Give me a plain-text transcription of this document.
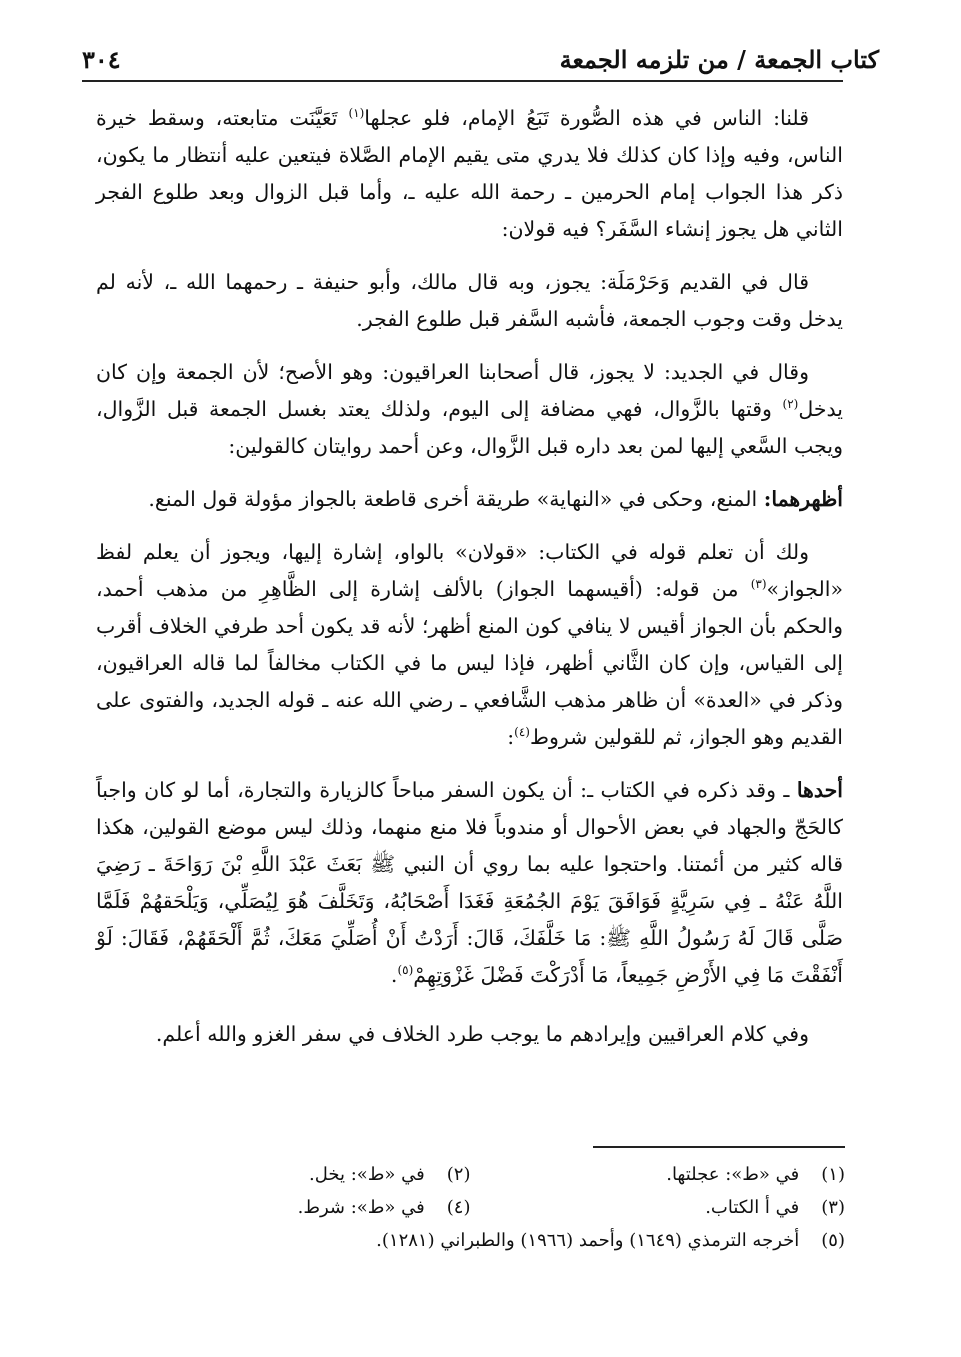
كتاب الجمعة / من تلزمه الجمعة
٣٠٤

قلنا: الناس في هذه الصُّورة تَبَعُ الإمام، فلو عجلها$^{(١)}$ تَعَيَّنَت متابعته، وسقط خيرة الناس، وفيه وإذا كان كذلك فلا يدري متى يقيم الإمام الصَّلاة فيتعين عليه أنتظار ما يكون، ذكر هذا الجواب إمام الحرمين ـ رحمة الله عليه ـ، وأما قبل الزوال وبعد طلوع الفجر الثاني هل يجوز إنشاء السَّفَر؟ فيه قولان:

قال في القديم وَحَرْمَلَة: يجوز، وبه قال مالك، وأبو حنيفة ـ رحمهما الله ـ، لأنه لم يدخل وقت وجوب الجمعة، فأشبه السَّفر قبل طلوع الفجر.

وقال في الجديد: لا يجوز، قال أصحابنا العراقيون: وهو الأصح؛ لأن الجمعة وإن كان يدخل$^{(٢)}$ وقتها بالزَّوال، فهي مضافة إلى اليوم، ولذلك يعتد بغسل الجمعة قبل الزَّوال، ويجب السَّعي إليها لمن بعد داره قبل الزَّوال، وعن أحمد روايتان كالقولين:

أظهرهما: المنع، وحكى في «النهاية» طريقة أخرى قاطعة بالجواز مؤولة قول المنع.

ولك أن تعلم قوله في الكتاب: «قولان» بالواو، إشارة إليها، ويجوز أن يعلم لفظ «الجواز»$^{(٣)}$ من قوله: (أقيسهما الجواز) بالألف إشارة إلى الظَّاهِرِ من مذهب أحمد، والحكم بأن الجواز أقيس لا ينافي كون المنع أظهر؛ لأنه قد يكون أحد طرفي الخلاف أقرب إلى القياس، وإن كان الثَّاني أظهر، فإذا ليس ما في الكتاب مخالفاً لما قاله العراقيون، وذكر في «العدة» أن ظاهر مذهب الشَّافعي ـ رضي الله عنه ـ قوله الجديد، والفتوى على القديم وهو الجواز، ثم للقولين شروط$^{(٤)}$:

أحدها ـ وقد ذكره في الكتاب ـ: أن يكون السفر مباحاً كالزيارة والتجارة، أما لو كان واجباً كالحَجّ والجهاد في بعض الأحوال أو مندوباً فلا منع منهما، وذلك ليس موضع القولين، هكذا قاله كثير من أئمتنا. واحتجوا عليه بما روي أن النبي ﷺ بَعَثَ عَبْدَ اللَّهِ بْنَ رَوَاحَةَ ـ رَضِيَ اللَّهُ عَنْهُ ـ فِي سَرِيَّةٍ فَوَافَقَ يَوْمَ الجُمُعَةِ فَغَدَا أَصْحَابُهُ، وَتَخَلَّفَ هُوَ لِيُصَلِّي، وَيَلْحَقهُمْ فَلَمَّا صَلَّى قَالَ لَهُ رَسُولُ اللَّهِ ﷺ: مَا خَلَّفَكَ، قَالَ: أَرَدْتُ أَنْ أُصَلِّيَ مَعَكَ، ثُمَّ أَلْحَقَهُمْ، فَقَالَ: لَوْ أَنْفَقْتَ مَا فِي الأَرْضِ جَمِيعاً، مَا أَدْرَكْتَ فَضْلَ غَزْوَتِهِمْ$^{(٥)}$.

وفي كلام العراقيين وإيرادهم ما يوجب طرد الخلاف في سفر الغزو والله أعلم.

(١) في «ط»: عجلتها.
(٢) في «ط»: يخل.
(٣) في أ الكتاب.
(٤) في «ط»: شرط.
(٥) أخرجه الترمذي (١٦٤٩) وأحمد (١٩٦٦) والطبراني (١٢٨١).
